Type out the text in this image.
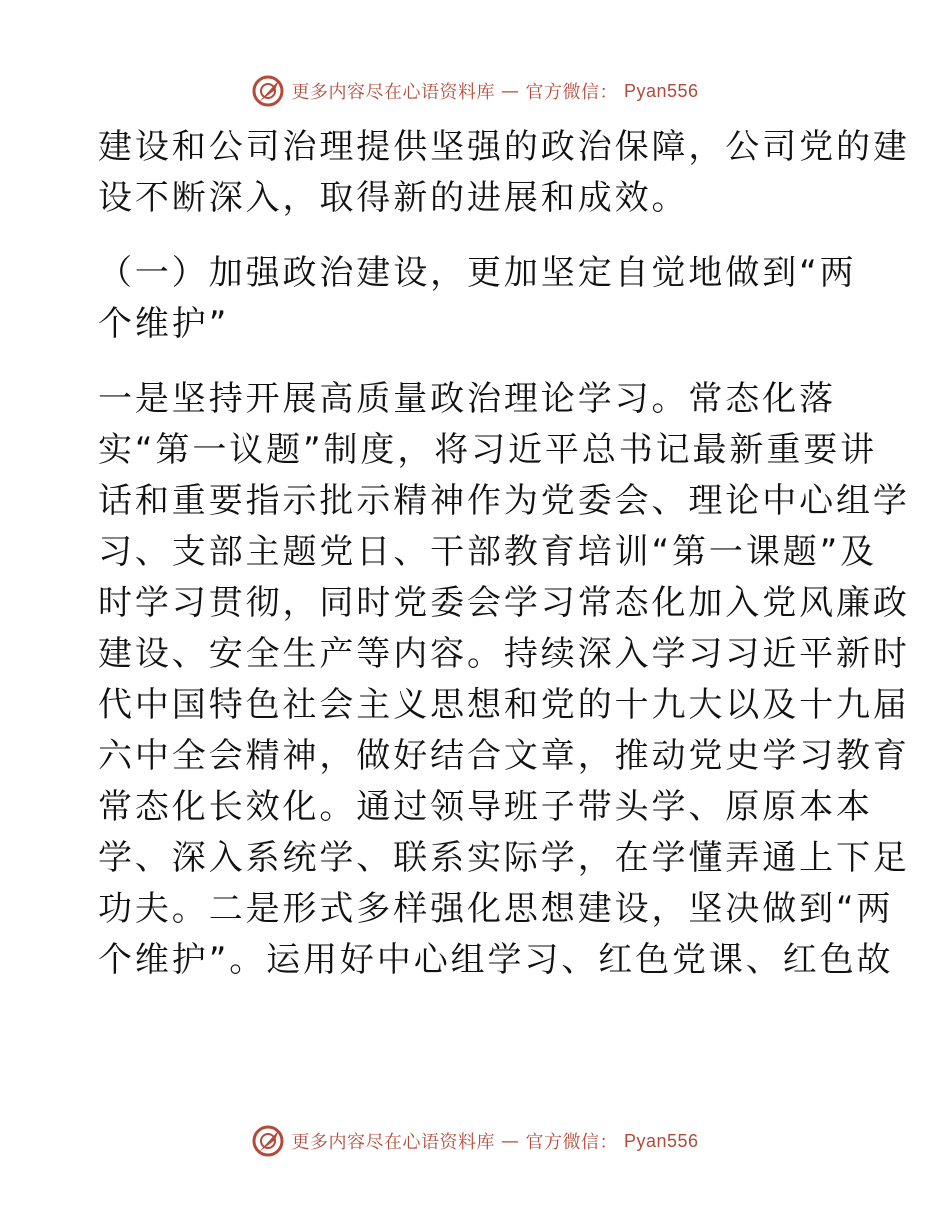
更多内容尽在心语资料库 — 官方微信： Pyan556

建设和公司治理提供坚强的政治保障，公司党的建

设不断深入，取得新的进展和成效。

（一）加强政治建设，更加坚定自觉地做到“两

个维护”

一是坚持开展高质量政治理论学习。常态化落

实“第一议题”制度，将习近平总书记最新重要讲

话和重要指示批示精神作为党委会、理论中心组学

习、支部主题党日、干部教育培训“第一课题”及

时学习贯彻，同时党委会学习常态化加入党风廉政

建设、安全生产等内容。持续深入学习习近平新时

代中国特色社会主义思想和党的十九大以及十九届

六中全会精神，做好结合文章，推动党史学习教育

常态化长效化。通过领导班子带头学、原原本本

学、深入系统学、联系实际学，在学懂弄通上下足

功夫。二是形式多样强化思想建设，坚决做到“两

个维护”。运用好中心组学习、红色党课、红色故

更多内容尽在心语资料库 — 官方微信： Pyan556
